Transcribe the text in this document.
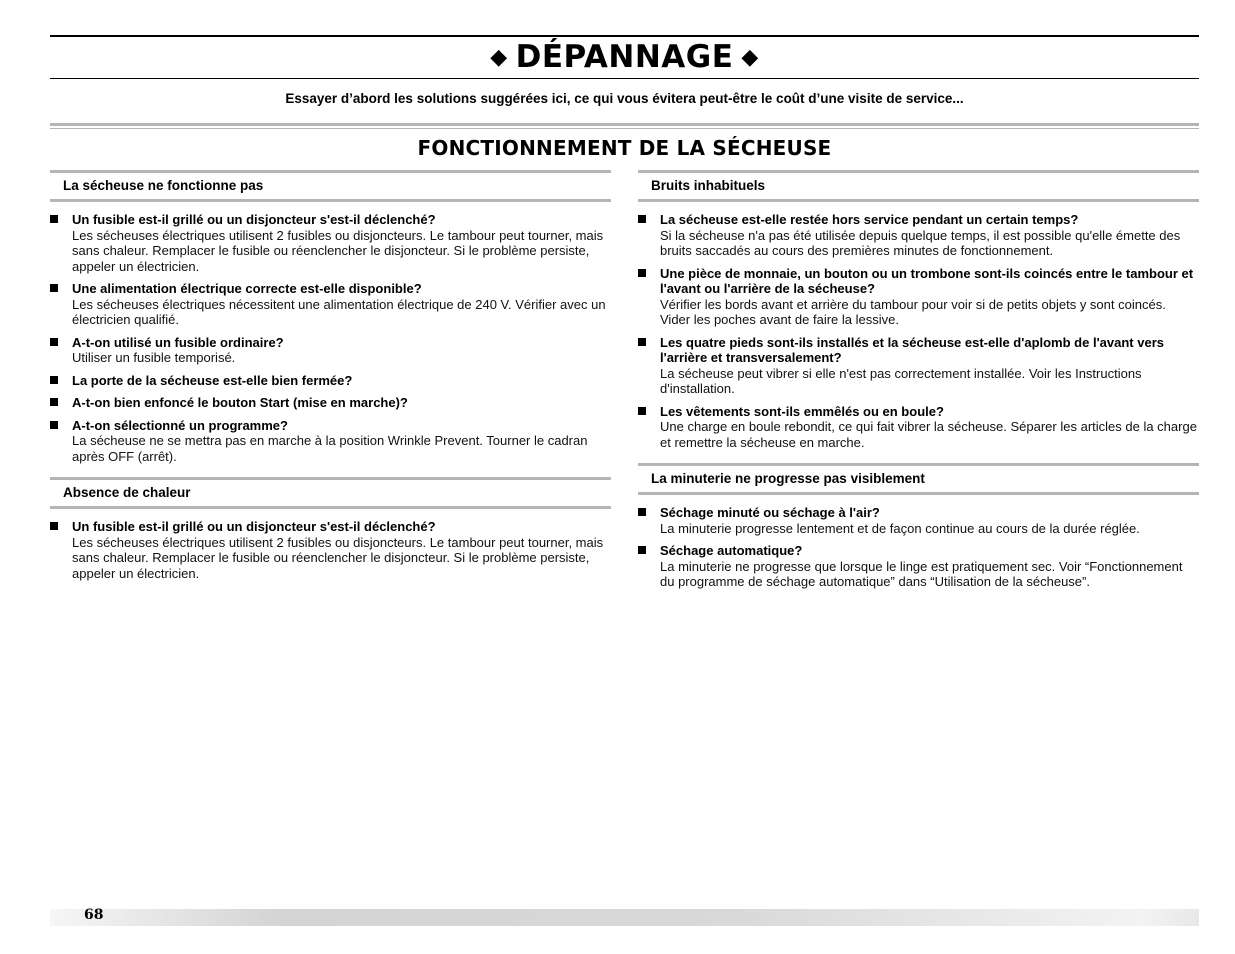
◆ DÉPANNAGE ◆
Essayer d’abord les solutions suggérées ici, ce qui vous évitera peut-être le coût d’une visite de service...
FONCTIONNEMENT DE LA SÉCHEUSE
La sécheuse ne fonctionne pas
Un fusible est-il grillé ou un disjoncteur s'est-il déclenché?
Les sécheuses électriques utilisent 2 fusibles ou disjoncteurs. Le tambour peut tourner, mais sans chaleur. Remplacer le fusible ou réenclencher le disjoncteur. Si le problème persiste, appeler un électricien.
Une alimentation électrique correcte est-elle disponible?
Les sécheuses électriques nécessitent une alimentation électrique de 240 V. Vérifier avec un électricien qualifié.
A-t-on utilisé un fusible ordinaire?
Utiliser un fusible temporisé.
La porte de la sécheuse est-elle bien fermée?
A-t-on bien enfoncé le bouton Start (mise en marche)?
A-t-on sélectionné un programme?
La sécheuse ne se mettra pas en marche à la position Wrinkle Prevent. Tourner le cadran après OFF (arrêt).
Absence de chaleur
Un fusible est-il grillé ou un disjoncteur s'est-il déclenché?
Les sécheuses électriques utilisent 2 fusibles ou disjoncteurs. Le tambour peut tourner, mais sans chaleur. Remplacer le fusible ou réenclencher le disjoncteur. Si le problème persiste, appeler un électricien.
Bruits inhabituels
La sécheuse est-elle restée hors service pendant un certain temps?
Si la sécheuse n'a pas été utilisée depuis quelque temps, il est possible qu'elle émette des bruits saccadés au cours des premières minutes de fonctionnement.
Une pièce de monnaie, un bouton ou un trombone sont-ils coincés entre le tambour et l'avant ou l'arrière de la sécheuse?
Vérifier les bords avant et arrière du tambour pour voir si de petits objets y sont coincés. Vider les poches avant de faire la lessive.
Les quatre pieds sont-ils installés et la sécheuse est-elle d'aplomb de l'avant vers l'arrière et transversalement?
La sécheuse peut vibrer si elle n'est pas correctement installée. Voir les Instructions d'installation.
Les vêtements sont-ils emmêlés ou en boule?
Une charge en boule rebondit, ce qui fait vibrer la sécheuse. Séparer les articles de la charge et remettre la sécheuse en marche.
La minuterie ne progresse pas visiblement
Séchage minuté ou séchage à l'air?
La minuterie progresse lentement et de façon continue au cours de la durée réglée.
Séchage automatique?
La minuterie ne progresse que lorsque le linge est pratiquement sec. Voir “Fonctionnement du programme de séchage automatique” dans “Utilisation de la sécheuse”.
68
